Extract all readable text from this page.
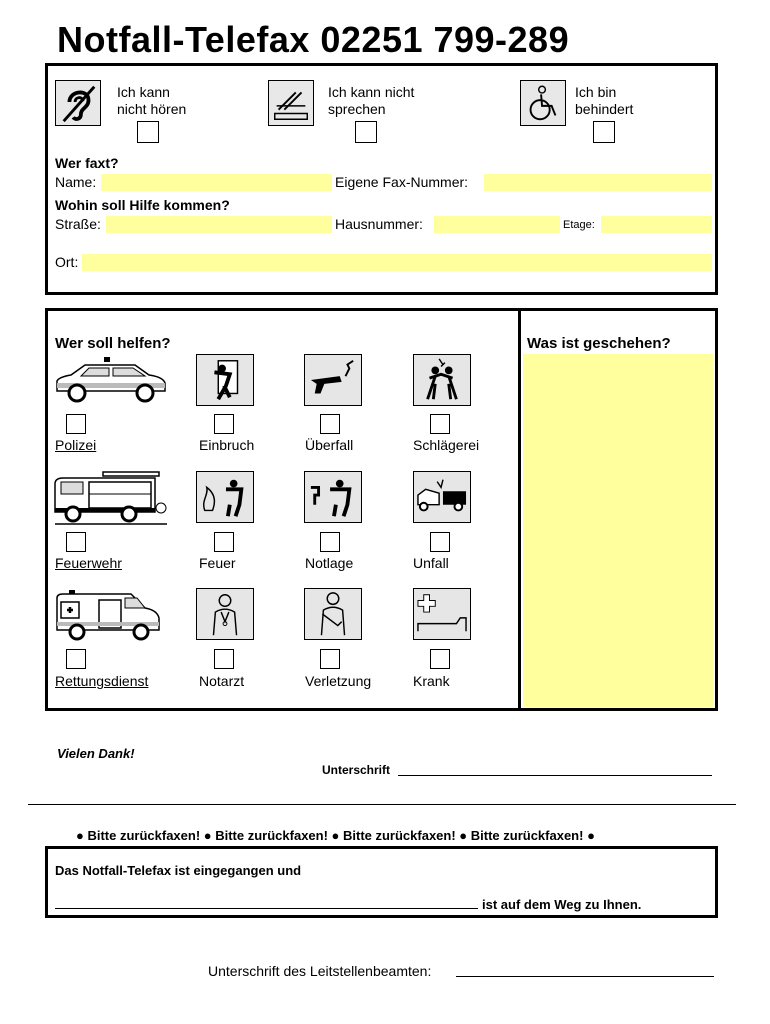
Notfall-Telefax 02251 799-289
Ich kann
nicht hören
Ich kann nicht
sprechen
Ich bin
behindert
Wer faxt?
Name:	Eigene Fax-Nummer:
Wohin soll Hilfe kommen?
Straße:	Hausnummer:	Etage:
Ort:
Was ist geschehen?
Wer soll helfen?
Polizei	Einbruch	Überfall	Schlägerei
Feuerwehr	Feuer	Notlage	Unfall
Rettungsdienst	Notarzt	Verletzung	Krank
Vielen Dank!
Unterschrift
● Bitte zurückfaxen! ● Bitte zurückfaxen! ● Bitte zurückfaxen! ● Bitte zurückfaxen! ●
Das Notfall-Telefax ist eingegangen und
ist auf dem Weg zu Ihnen.
Unterschrift des Leitstellenbeamten:
